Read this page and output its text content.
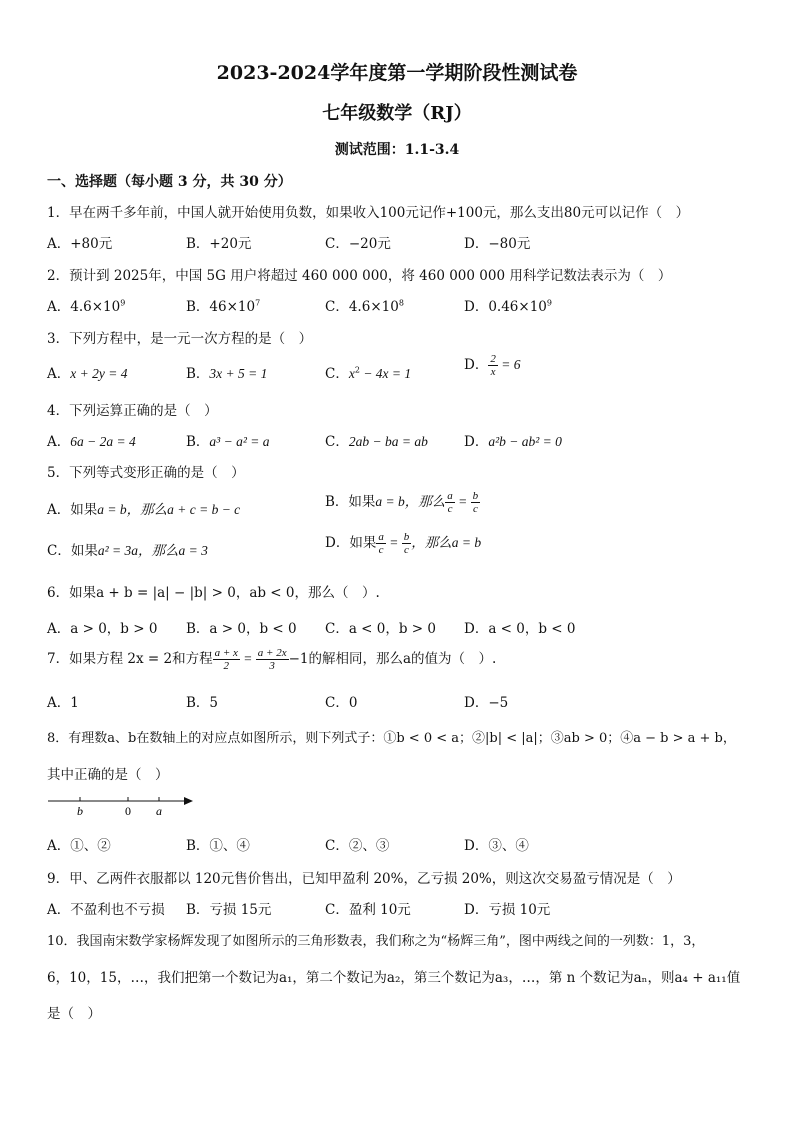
2023-2024学年度第一学期阶段性测试卷
七年级数学（RJ）
测试范围：1.1-3.4
一、选择题（每小题 3 分，共 30 分）
1．早在两千多年前，中国人就开始使用负数，如果收入100元记作+100元，那么支出80元可以记作（　）
A．+80元	B．+20元	C．−20元	D．−80元
2．预计到 2025年，中国 5G 用户将超过 460 000 000，将 460 000 000 用科学记数法表示为（　）
A．$4.6\times 10^9$	B．$46\times 10^7$	C．$4.6\times 10^8$	D．$0.46\times 10^9$
3．下列方程中，是一元一次方程的是（　）
A．x + 2y = 4	B．3x + 5 = 1	C．$x^2 - 4x = 1$
D． $\frac{2}{x} = 6$
4．下列运算正确的是（　）
A．6a − 2a = 4	B．a³ − a² = a	C．2ab − ba = ab	D．a²b − ab² = 0
5．下列等式变形正确的是（　）
A．如果a = b，那么a + c = b − c	B．如果a = b，那么 $\frac{a}{c} = \frac{b}{c}$
C．如果a² = 3a，那么a = 3	D．如果 $\frac{a}{c} = \frac{b}{c}$ ，那么a = b
6．如果a + b = |a| − |b| > 0，ab < 0，那么（　）.
A．a > 0，b > 0 B．a > 0，b < 0 C．a < 0，b > 0 D．a < 0，b < 0
7．如果方程 2x = 2和方程 $\frac{a + x}{2} = \frac{a + 2x}{3} -1$的解相同，那么a的值为（　）.
A．1	B．5	C．0	D．−5
8．有理数a、b在数轴上的对应点如图所示，则下列式子：①b < 0 < a；②|b| < |a|；③ab > 0；④a − b > a + b，
其中正确的是（　）
b	0 a
A．①、②	B．①、④	C．②、③	D．③、④
9．甲、乙两件衣服都以 120元售价售出，已知甲盈利 20%，乙亏损 20%，则这次交易盈亏情况是（　）
A．不盈利也不亏损 B．亏损 15元	C．盈利 10元	D．亏损 10元
10．我国南宋数学家杨辉发现了如图所示的三角形数表，我们称之为“杨辉三角”，图中两线之间的一列数：1，3，
6，10，15，…，我们把第一个数记为a₁，第二个数记为a₂，第三个数记为a₃，…，第 n 个数记为aₙ，则a₄ + a₁₁值
是（　）
